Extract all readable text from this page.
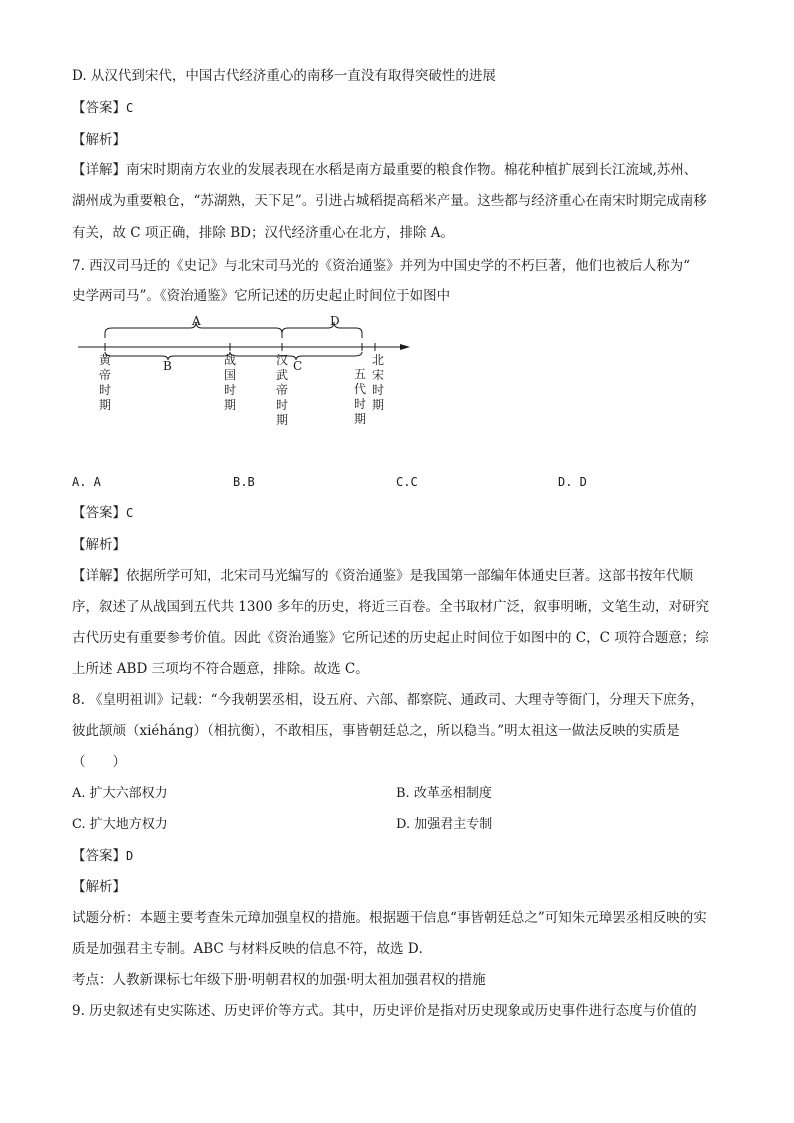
D. 从汉代到宋代，中国古代经济重心的南移一直没有取得突破性的进展
【答案】C
【解析】
【详解】南宋时期南方农业的发展表现在水稻是南方最重要的粮食作物。棉花种植扩展到长江流域,苏州、
湖州成为重要粮仓，“苏湖熟，天下足”。引进占城稻提高稻米产量。这些都与经济重心在南宋时期完成南移
有关，故 C 项正确，排除 BD；汉代经济重心在北方，排除 A。
7. 西汉司马迁的《史记》与北宋司马光的《资治通鉴》并列为中国史学的不朽巨著，他们也被后人称为“
史学两司马”。《资治通鉴》它所记述的历史起止时间位于如图中
A	D
B	C
黄帝时期
战国时期
汉武帝时期
五代时期
北宋时期
A. A	B.B	C.C	D. D
【答案】C
【解析】
【详解】依据所学可知，北宋司马光编写的《资治通鉴》是我国第一部编年体通史巨著。这部书按年代顺
序，叙述了从战国到五代共 1300 多年的历史，将近三百卷。全书取材广泛，叙事明晰，文笔生动，对研究
古代历史有重要参考价值。因此《资治通鉴》它所记述的历史起止时间位于如图中的 C，C 项符合题意；综
上所述 ABD 三项均不符合题意，排除。故选 C。
8. 《皇明祖训》记载：“今我朝罢丞相，设五府、六部、都察院、通政司、大理寺等衙门，分理天下庶务，
彼此颉颃（xiéhánɡ）（相抗衡），不敢相压，事皆朝廷总之，所以稳当。”明太祖这一做法反映的实质是
（　　）
A. 扩大六部权力	B. 改革丞相制度
C. 扩大地方权力	D. 加强君主专制
【答案】D
【解析】
试题分析：本题主要考查朱元璋加强皇权的措施。根据题干信息“事皆朝廷总之”可知朱元璋罢丞相反映的实
质是加强君主专制。ABC 与材料反映的信息不符，故选 D．
考点：人教新课标七年级下册·明朝君权的加强·明太祖加强君权的措施
9. 历史叙述有史实陈述、历史评价等方式。其中，历史评价是指对历史现象或历史事件进行态度与价值的
